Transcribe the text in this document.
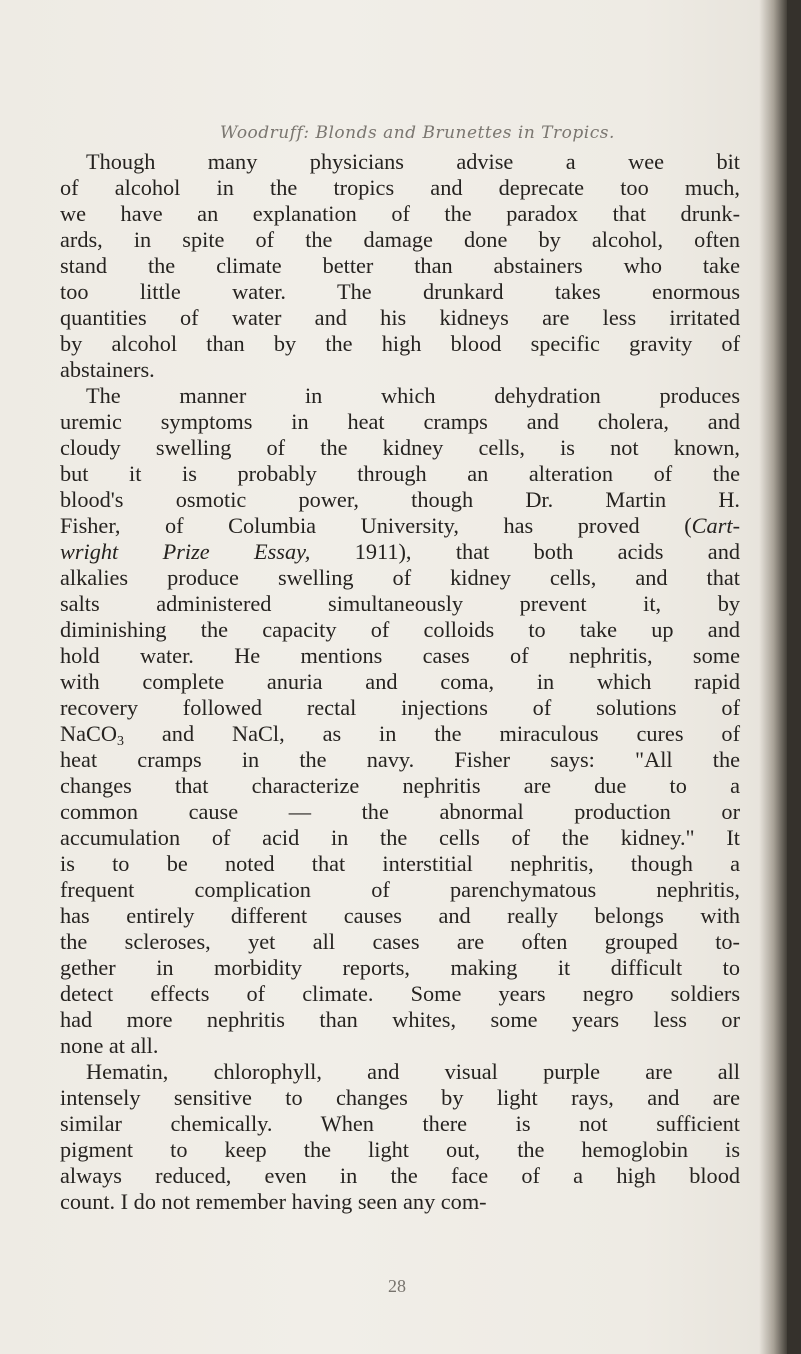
Woodruff: Blonds and Brunettes in Tropics.
Though many physicians advise a wee bit
of alcohol in the tropics and deprecate too much,
we have an explanation of the paradox that drunk-
ards, in spite of the damage done by alcohol, often
stand the climate better than abstainers who take
too little water. The drunkard takes enormous
quantities of water and his kidneys are less irritated
by alcohol than by the high blood specific gravity of
abstainers.
The manner in which dehydration produces
uremic symptoms in heat cramps and cholera, and
cloudy swelling of the kidney cells, is not known,
but it is probably through an alteration of the
blood's osmotic power, though Dr. Martin H.
Fisher, of Columbia University, has proved (Cart-
wright Prize Essay, 1911), that both acids and
alkalies produce swelling of kidney cells, and that
salts administered simultaneously prevent it, by
diminishing the capacity of colloids to take up and
hold water. He mentions cases of nephritis, some
with complete anuria and coma, in which rapid
recovery followed rectal injections of solutions of
NaCO$_3$ and NaCl, as in the miraculous cures of
heat cramps in the navy. Fisher says: "All the
changes that characterize nephritis are due to a
common cause — the abnormal production or
accumulation of acid in the cells of the kidney." It
is to be noted that interstitial nephritis, though a
frequent complication of parenchymatous nephritis,
has entirely different causes and really belongs with
the scleroses, yet all cases are often grouped to-
gether in morbidity reports, making it difficult to
detect effects of climate. Some years negro soldiers
had more nephritis than whites, some years less or
none at all.
Hematin, chlorophyll, and visual purple are all
intensely sensitive to changes by light rays, and are
similar chemically. When there is not sufficient
pigment to keep the light out, the hemoglobin is
always reduced, even in the face of a high blood
count. I do not remember having seen any com-
28
